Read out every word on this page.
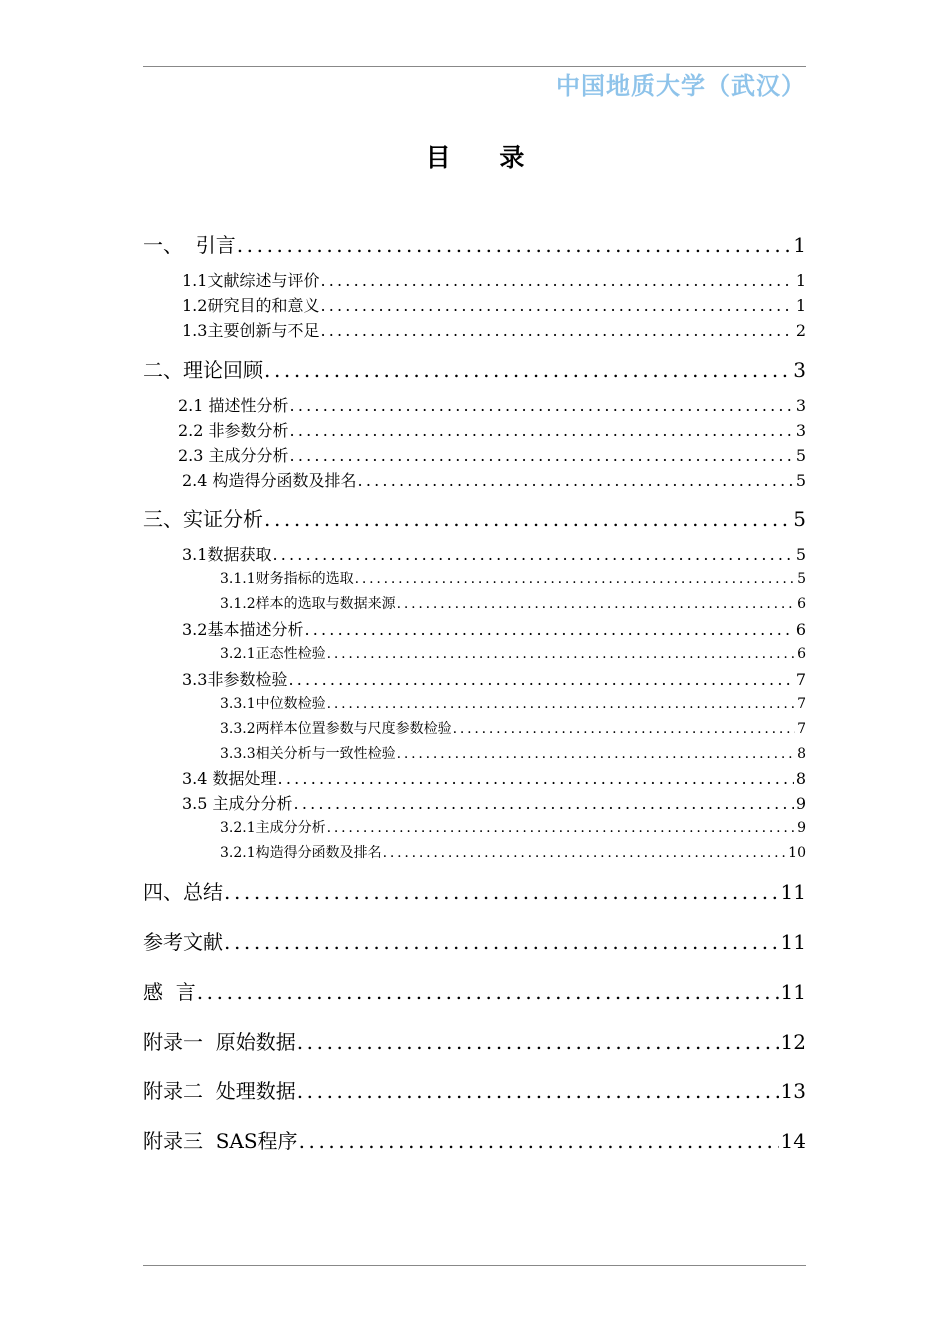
中国地质大学（武汉）
目 录
一、  引言 .....	1
1.1文献综述与评价 .....	1
1.2研究目的和意义 .....	1
1.3主要创新与不足 .....	2
二、理论回顾 .....	3
2.1 描述性分析 .....	3
2.2 非参数分析 .....	3
2.3 主成分分析 .....	5
2.4 构造得分函数及排名 .....	5
三、实证分析 .....	5
3.1数据获取 .....	5
3.1.1财务指标的选取 .....	5
3.1.2样本的选取与数据来源 .....	6
3.2基本描述分析 .....	6
3.2.1正态性检验 .....	6
3.3非参数检验 .....	7
3.3.1中位数检验 .....	7
3.3.2两样本位置参数与尺度参数检验 .....	7
3.3.3相关分析与一致性检验 .....	8
3.4 数据处理 .....	8
3.5 主成分分析 .....	9
3.2.1主成分分析 .....	9
3.2.1构造得分函数及排名 .....	10
四、总结 .....	11
参考文献 .....	11
感  言 .....	11
附录一  原始数据 .....	12
附录二  处理数据 .....	13
附录三  SAS程序 .....	14
